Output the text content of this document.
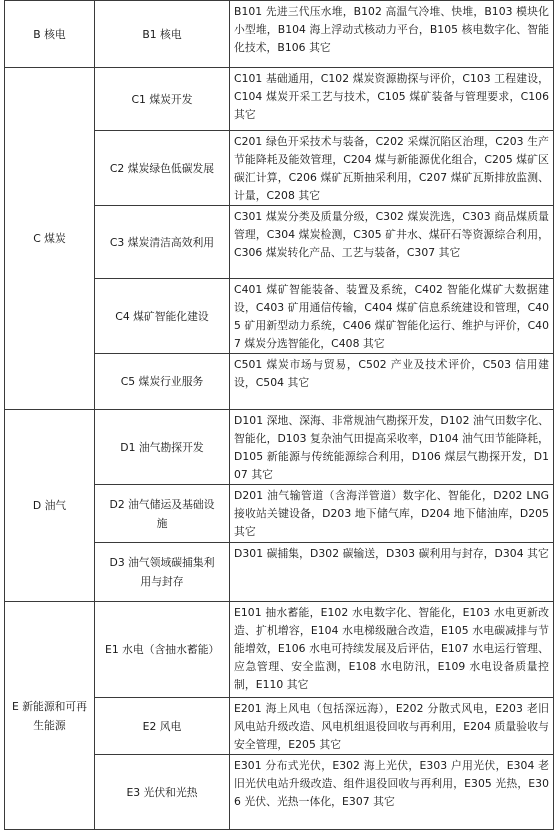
B 核电	B1 核电	B101 先进三代压水堆，B102 高温气冷堆、快堆，B103 模块化小型堆，B104 海上浮动式核动力平台，B105 核电数字化、智能化技术，B106 其它
C 煤炭	C1 煤炭开发	C101 基础通用，C102 煤炭资源勘探与评价，C103 工程建设，C104 煤炭开采工艺与技术，C105 煤矿装备与管理要求，C106 其它
	C2 煤炭绿色低碳发展	C201 绿色开采技术与装备，C202 采煤沉陷区治理，C203 生产节能降耗及能效管理，C204 煤与新能源优化组合，C205 煤矿区碳汇计算，C206 煤矿瓦斯抽采利用，C207 煤矿瓦斯排放监测、计量，C208 其它
	C3 煤炭清洁高效利用	C301 煤炭分类及质量分级，C302 煤炭洗选，C303 商品煤质量管理，C304 煤炭检测，C305 矿井水、煤矸石等资源综合利用，C306 煤炭转化产品、工艺与装备，C307 其它
	C4 煤矿智能化建设	C401 煤矿智能装备、装置及系统，C402 智能化煤矿大数据建设，C403 矿用通信传输，C404 煤矿信息系统建设和管理，C405 矿用新型动力系统，C406 煤矿智能化运行、维护与评价，C407 煤炭分选智能化，C408 其它
	C5 煤炭行业服务	C501 煤炭市场与贸易，C502 产业及技术评价，C503 信用建设，C504 其它
D 油气	D1 油气勘探开发	D101 深地、深海、非常规油气勘探开发，D102 油气田数字化、智能化，D103 复杂油气田提高采收率，D104 油气田节能降耗，D105 新能源与传统能源综合利用，D106 煤层气勘探开发，D107 其它
	D2 油气储运及基础设施	D201 油气输管道（含海洋管道）数字化、智能化，D202 LNG 接收站关键设备，D203 地下储气库，D204 地下储油库，D205 其它
	D3 油气领域碳捕集利用与封存	D301 碳捕集，D302 碳输送，D303 碳利用与封存，D304 其它
E 新能源和可再生能源	E1 水电（含抽水蓄能）	E101 抽水蓄能，E102 水电数字化、智能化，E103 水电更新改造、扩机增容，E104 水电梯级融合改造，E105 水电碳减排与节能增效，E106 水电可持续发展及后评估，E107 水电运行管理、应急管理、安全监测，E108 水电防汛，E109 水电设备质量控制，E110 其它
	E2 风电	E201 海上风电（包括深远海），E202 分散式风电，E203 老旧风电站升级改造、风电机组退役回收与再利用，E204 质量验收与安全管理，E205 其它
	E3 光伏和光热	E301 分布式光伏，E302 海上光伏，E303 户用光伏，E304 老旧光伏电站升级改造、组件退役回收与再利用，E305 光热，E306 光伏、光热一体化，E307 其它
